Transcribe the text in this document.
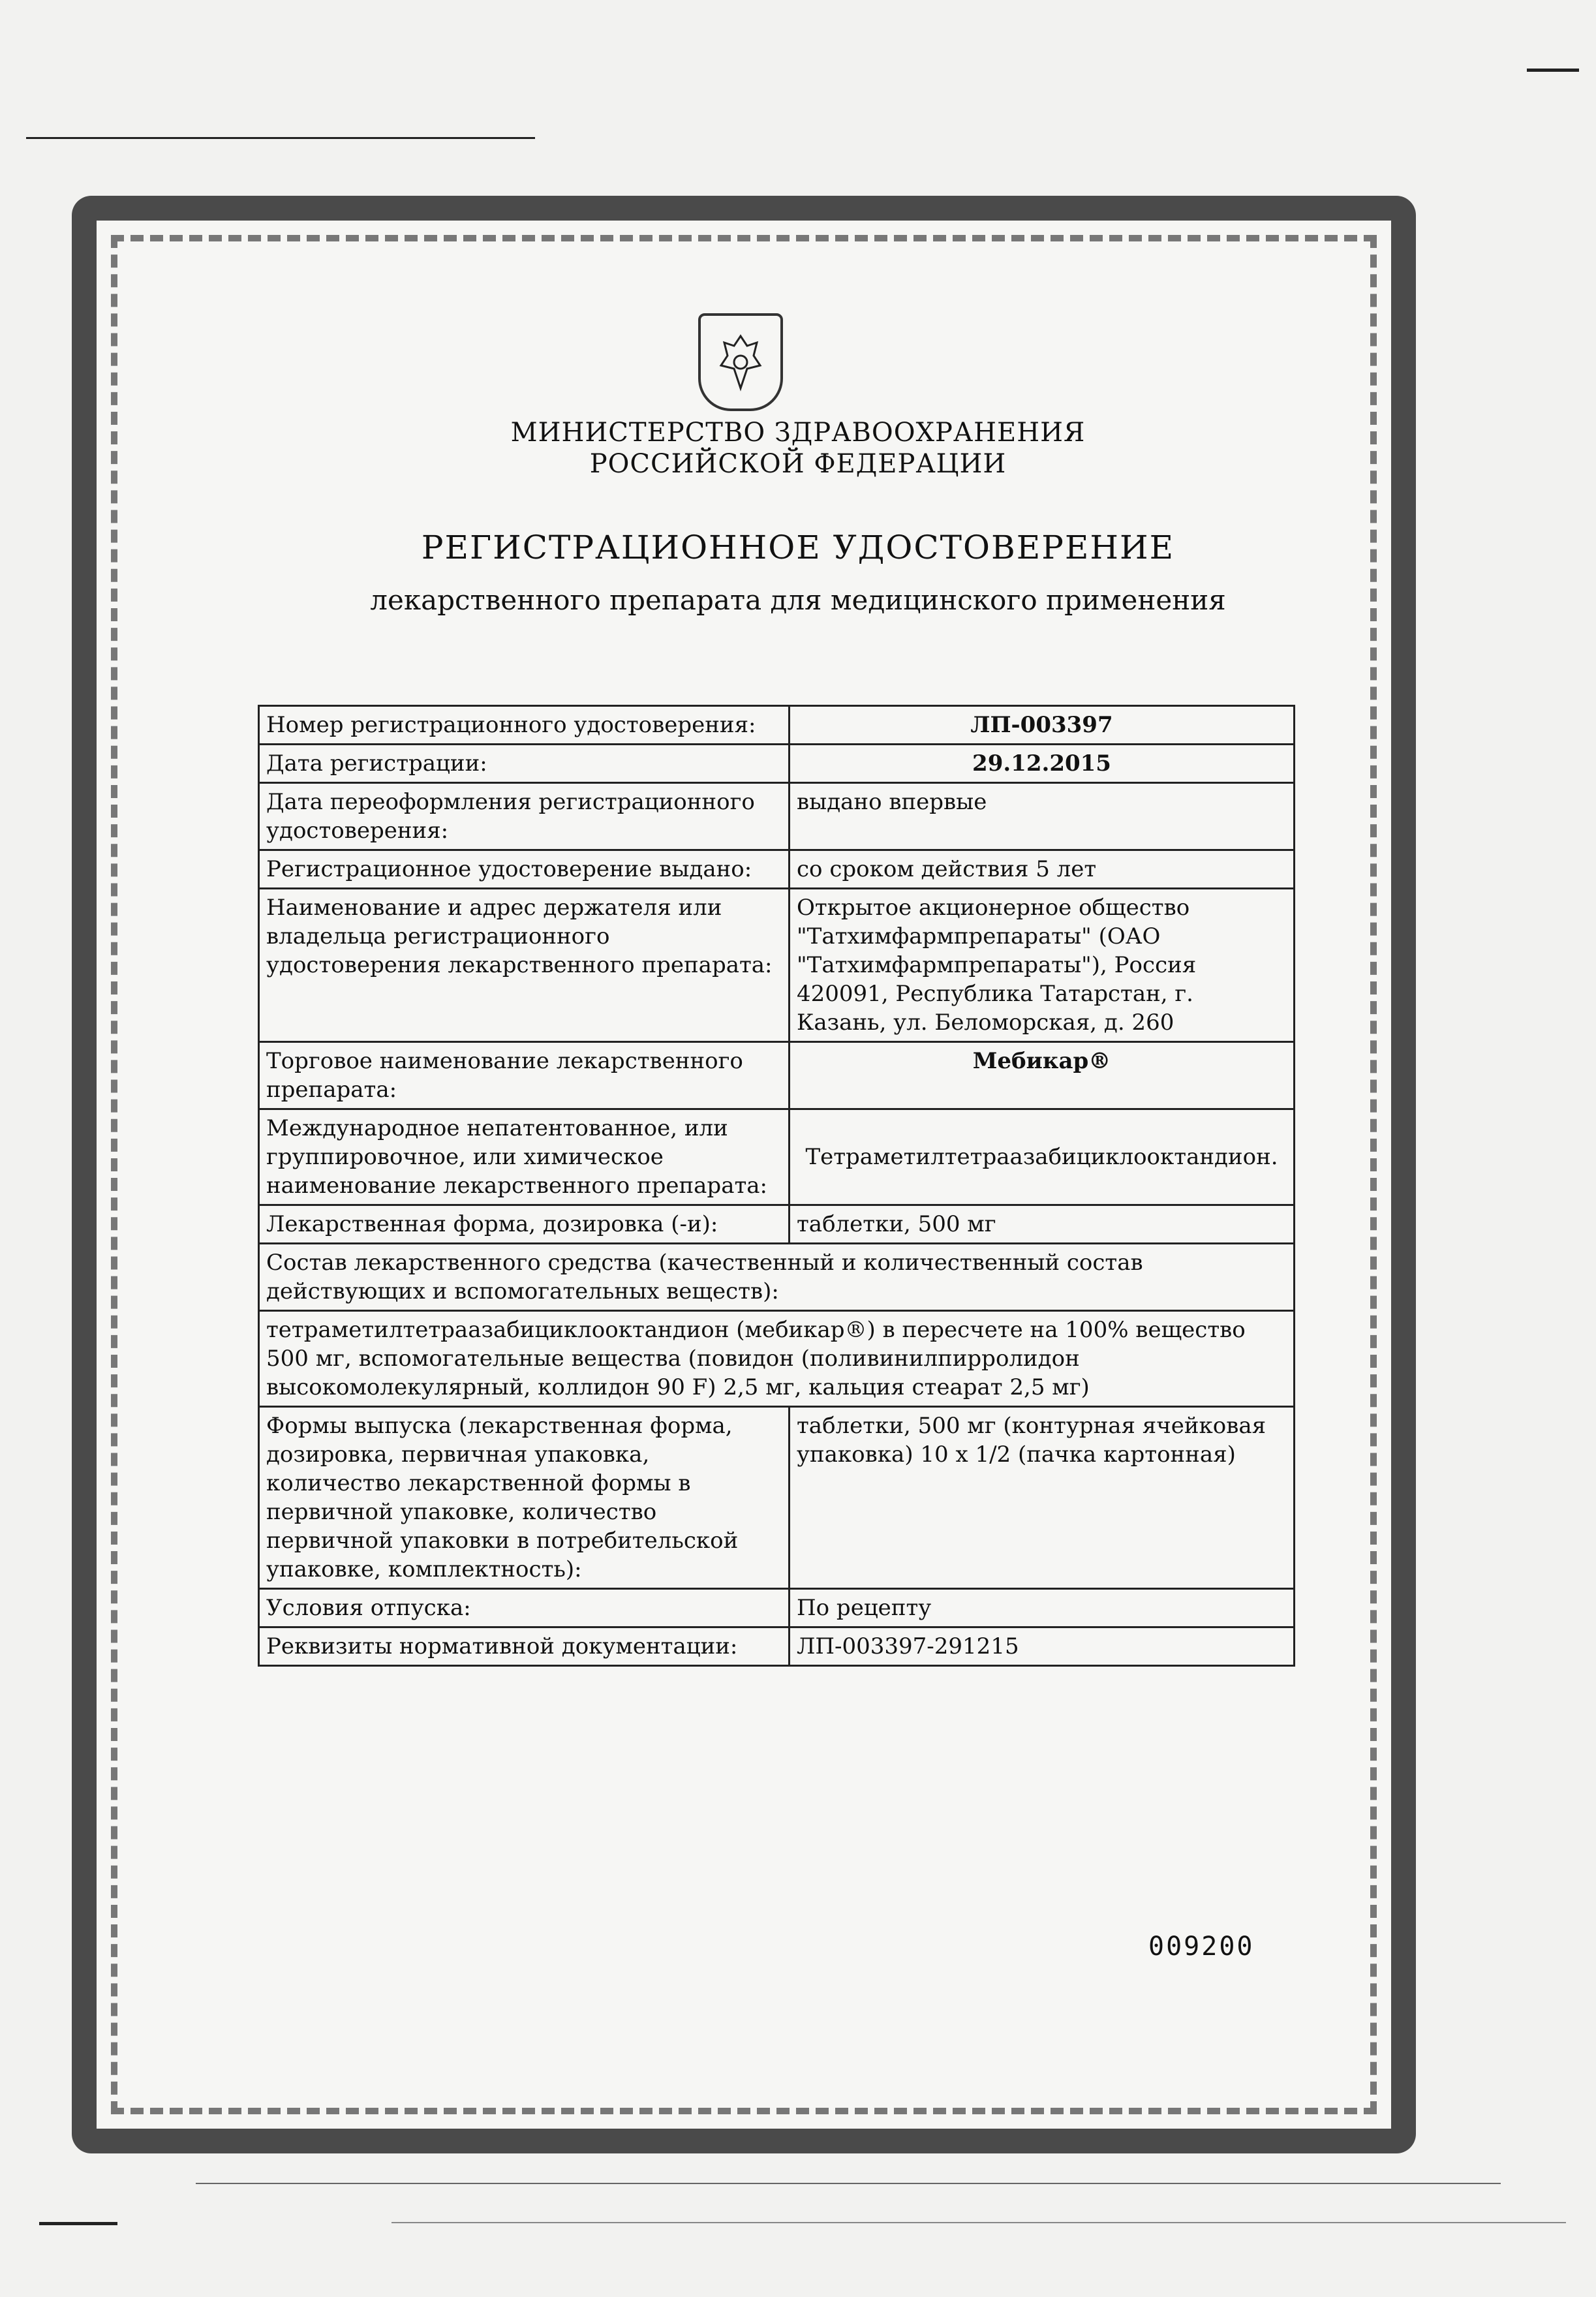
МИНИСТЕРСТВО ЗДРАВООХРАНЕНИЯ
РОССИЙСКОЙ ФЕДЕРАЦИИ
РЕГИСТРАЦИОННОЕ УДОСТОВЕРЕНИЕ
лекарственного препарата для медицинского применения
Номер регистрационного удостоверения:	ЛП-003397
Дата регистрации:	29.12.2015
Дата переоформления регистрационного удостоверения:	выдано впервые
Регистрационное удостоверение выдано:	со сроком действия 5 лет
Наименование и адрес держателя или владельца регистрационного удостоверения лекарственного препарата:	Открытое акционерное общество "Татхимфармпрепараты" (ОАО "Татхимфармпрепараты"), Россия 420091, Республика Татарстан, г. Казань, ул. Беломорская, д. 260
Торговое наименование лекарственного препарата:	Мебикар®
Международное непатентованное, или группировочное, или химическое наименование лекарственного препарата:	Тетраметилтетраазабициклооктандион.
Лекарственная форма, дозировка (-и):	таблетки, 500 мг
Состав лекарственного средства (качественный и количественный состав действующих и вспомогательных веществ):	
тетраметилтетраазабициклооктандион (мебикар®) в пересчете на 100% вещество 500 мг, вспомогательные вещества (повидон (поливинилпирролидон высокомолекулярный, коллидон 90 F) 2,5 мг, кальция стеарат 2,5 мг)	
Формы выпуска (лекарственная форма, дозировка, первичная упаковка, количество лекарственной формы в первичной упаковке, количество первичной упаковки в потребительской упаковке, комплектность):	таблетки, 500 мг (контурная ячейковая упаковка) 10 х 1/2 (пачка картонная)
Условия отпуска:	По рецепту
Реквизиты нормативной документации:	ЛП-003397-291215
009200
